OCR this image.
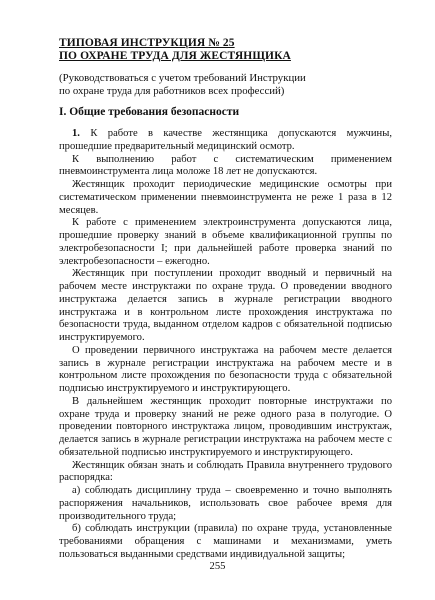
ТИПОВАЯ ИНСТРУКЦИЯ № 25
ПО ОХРАНЕ ТРУДА ДЛЯ ЖЕСТЯНЩИКА
(Руководствоваться с учетом требований Инструкции
по охране труда для работников всех профессий)
I. Общие требования безопасности

1. К работе в качестве жестянщика допускаются мужчины, прошедшие предварительный медицинский осмотр.

К выполнению работ с систематическим применением пневмоинструмента лица моложе 18 лет не допускаются.

Жестянщик проходит периодические медицинские осмотры при систематическом применении пневмоинструмента не реже 1 раза в 12 месяцев.

К работе с применением электроинструмента допускаются лица, прошедшие проверку знаний в объеме квалификационной группы по электробезопасности I; при дальнейшей работе проверка знаний по электробезопасности – ежегодно.

Жестянщик при поступлении проходит вводный и первичный на рабочем месте инструктажи по охране труда. О проведении вводного инструктажа делается запись в журнале регистрации вводного инструктажа и в контрольном листе прохождения инструктажа по безопасности труда, выданном отделом кадров с обязательной подписью инструктируемого.

О проведении первичного инструктажа на рабочем месте делается запись в журнале регистрации инструктажа на рабочем месте и в контрольном листе прохождения по безопасности труда с обязательной подписью инструктируемого и инструктирующего.

В дальнейшем жестянщик проходит повторные инструктажи по охране труда и проверку знаний не реже одного раза в полугодие. О проведении повторного инструктажа лицом, проводившим инструктаж, делается запись в журнале регистрации инструктажа на рабочем месте с обязательной подписью инструктируемого и инструктирующего.

Жестянщик обязан знать и соблюдать Правила внутреннего трудового распорядка:

а) соблюдать дисциплину труда – своевременно и точно выполнять распоряжения начальников, использовать свое рабочее время для производительного труда;

б) соблюдать инструкции (правила) по охране труда, установленные требованиями обращения с машинами и механизмами, уметь пользоваться выданными средствами индивидуальной защиты;

255
